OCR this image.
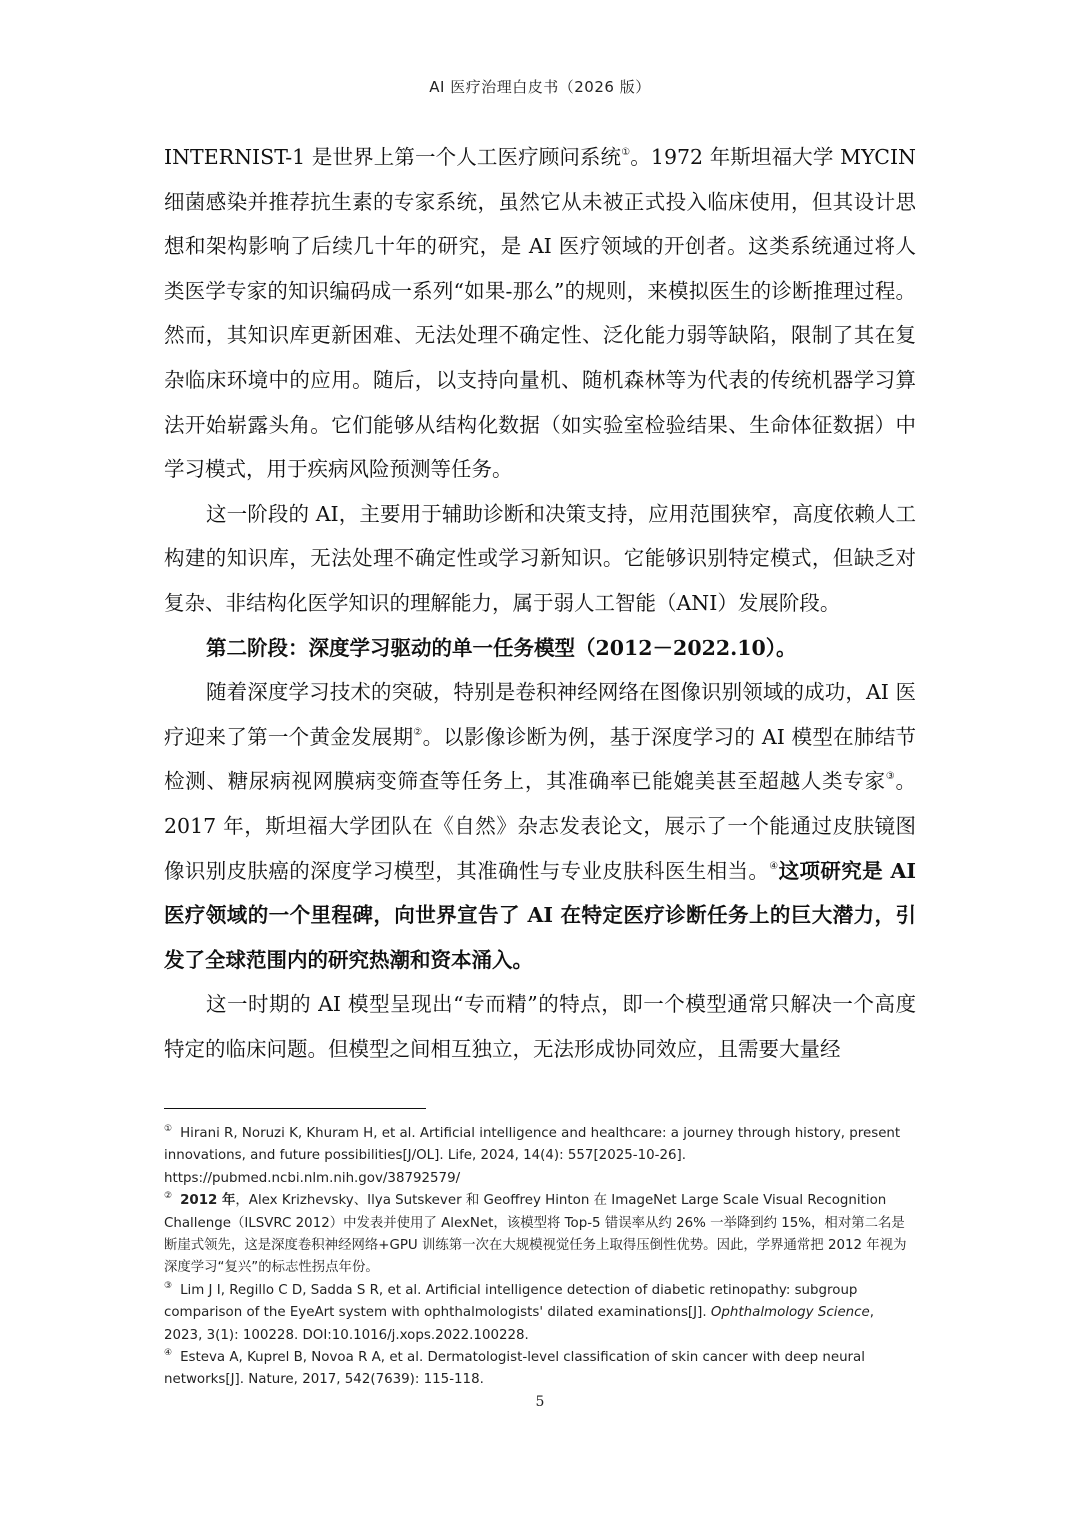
AI 医疗治理白皮书（2026 版）

INTERNIST-1 是世界上第一个人工医疗顾问系统①。1972 年斯坦福大学 MYCIN 细菌感染并推荐抗生素的专家系统，虽然它从未被正式投入临床使用，但其设计思想和架构影响了后续几十年的研究，是 AI 医疗领域的开创者。这类系统通过将人类医学专家的知识编码成一系列“如果-那么”的规则，来模拟医生的诊断推理过程。然而，其知识库更新困难、无法处理不确定性、泛化能力弱等缺陷，限制了其在复杂临床环境中的应用。随后，以支持向量机、随机森林等为代表的传统机器学习算法开始崭露头角。它们能够从结构化数据（如实验室检验结果、生命体征数据）中学习模式，用于疾病风险预测等任务。

这一阶段的 AI，主要用于辅助诊断和决策支持，应用范围狭窄，高度依赖人工构建的知识库，无法处理不确定性或学习新知识。它能够识别特定模式，但缺乏对复杂、非结构化医学知识的理解能力，属于弱人工智能（ANI）发展阶段。

第二阶段：深度学习驱动的单一任务模型（2012－2022.10）。

随着深度学习技术的突破，特别是卷积神经网络在图像识别领域的成功，AI 医疗迎来了第一个黄金发展期②。以影像诊断为例，基于深度学习的 AI 模型在肺结节检测、糖尿病视网膜病变筛查等任务上，其准确率已能媲美甚至超越人类专家③。2017 年，斯坦福大学团队在《自然》杂志发表论文，展示了一个能通过皮肤镜图像识别皮肤癌的深度学习模型，其准确性与专业皮肤科医生相当。④这项研究是 AI 医疗领域的一个里程碑，向世界宣告了 AI 在特定医疗诊断任务上的巨大潜力，引发了全球范围内的研究热潮和资本涌入。

这一时期的 AI 模型呈现出“专而精”的特点，即一个模型通常只解决一个高度特定的临床问题。但模型之间相互独立，无法形成协同效应，且需要大量经

① Hirani R, Noruzi K, Khuram H, et al. Artificial intelligence and healthcare: a journey through history, present innovations, and future possibilities[J/OL]. Life, 2024, 14(4): 557[2025-10-26]. https://pubmed.ncbi.nlm.nih.gov/38792579/

② 2012 年，Alex Krizhevsky、Ilya Sutskever 和 Geoffrey Hinton 在 ImageNet Large Scale Visual Recognition Challenge（ILSVRC 2012）中发表并使用了 AlexNet，该模型将 Top-5 错误率从约 26% 一举降到约 15%，相对第二名是断崖式领先，这是深度卷积神经网络+GPU 训练第一次在大规模视觉任务上取得压倒性优势。因此，学界通常把 2012 年视为深度学习“复兴”的标志性拐点年份。

③ Lim J I, Regillo C D, Sadda S R, et al. Artificial intelligence detection of diabetic retinopathy: subgroup comparison of the EyeArt system with ophthalmologists' dilated examinations[J]. Ophthalmology Science, 2023, 3(1): 100228. DOI:10.1016/j.xops.2022.100228.

④ Esteva A, Kuprel B, Novoa R A, et al. Dermatologist-level classification of skin cancer with deep neural networks[J]. Nature, 2017, 542(7639): 115-118.

5
